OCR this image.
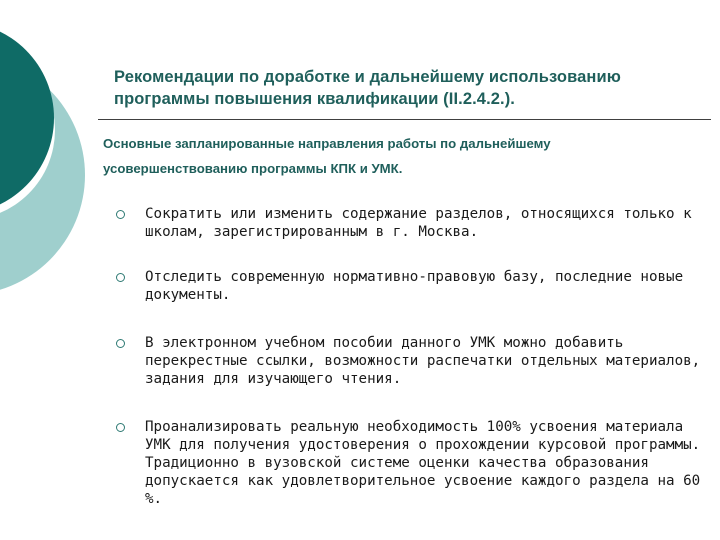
Рекомендации по доработке и дальнейшему использованию
программы повышения квалификации (II.2.4.2.).
Основные запланированные направления работы по дальнейшему
усовершенствованию программы КПК и УМК.
Сократить или изменить содержание разделов, относящихся только к школам, зарегистрированным в г. Москва.
Отследить современную нормативно-правовую базу, последние новые документы.
В электронном учебном пособии данного УМК можно добавить перекрестные ссылки, возможности распечатки отдельных материалов, задания для изучающего чтения.
Проанализировать реальную необходимость 100% усвоения материала УМК для получения удостоверения о прохождении курсовой программы. Традиционно в вузовской системе оценки качества образования допускается как удовлетворительное усвоение каждого раздела на 60 %.
